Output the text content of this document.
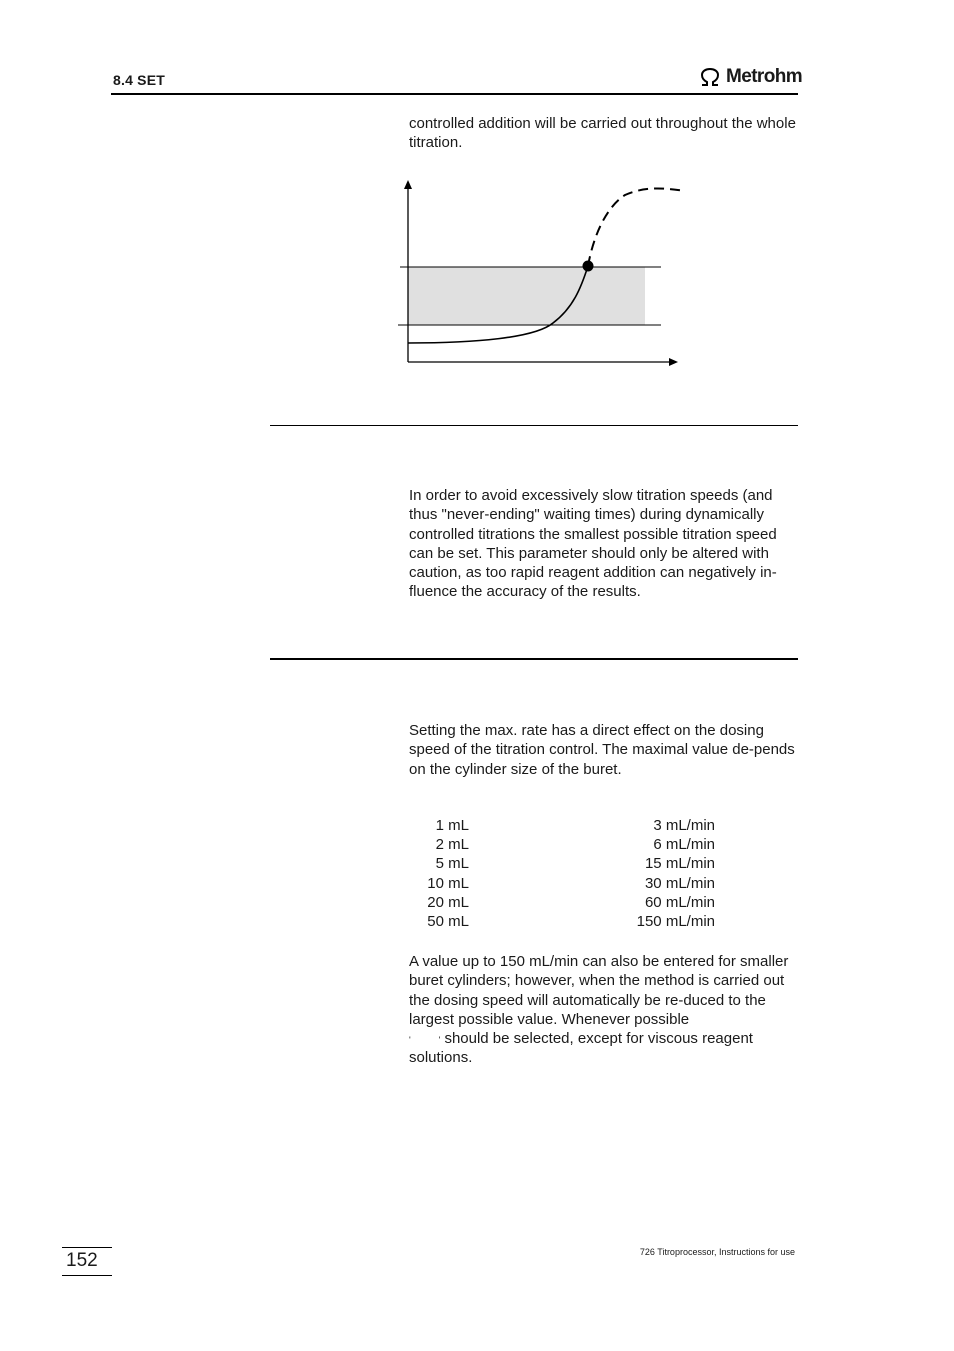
8.4 SET	Metrohm

controlled addition will be carried out throughout the whole titration.

In order to avoid excessively slow titration speeds (and thus "never-ending" waiting times) during dynamically controlled titrations the smallest possible titration speed can be set. This parameter should only be altered with caution, as too rapid reagent addition can negatively in-fluence the accuracy of the results.

Setting the max. rate has a direct effect on the dosing speed of the titration control. The maximal value de-pends on the cylinder size of the buret.

1 mL	3 mL/min
2 mL	6 mL/min
5 mL	15 mL/min
10 mL	30 mL/min
20 mL	60 mL/min
50 mL	150 mL/min

A value up to 150 mL/min can also be entered for smaller buret cylinders; however, when the method is carried out the dosing speed will automatically be re-duced to the largest possible value. Whenever possible

'	' should be selected, except for viscous reagent

solutions.

152	726 Titroprocessor, Instructions for use
